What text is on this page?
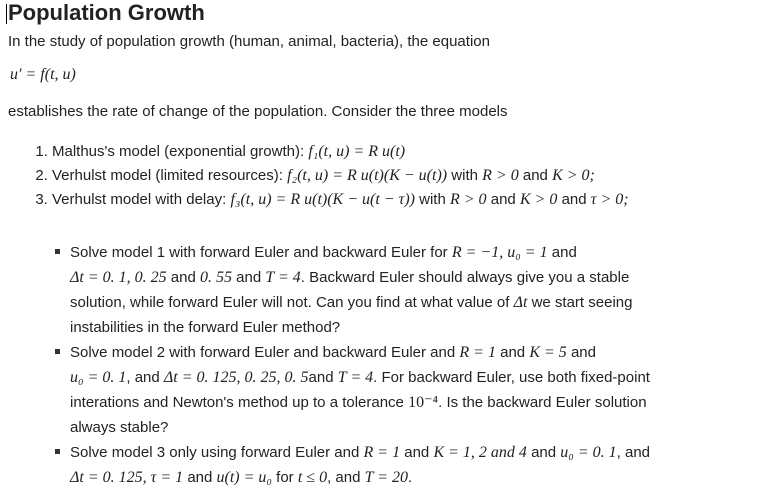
Population Growth

In the study of population growth (human, animal, bacteria), the equation

u′ = f(t, u)

establishes the rate of change of the population. Consider the three models

1. Malthus's model (exponential growth): f₁(t, u) = R u(t)
2. Verhulst model (limited resources): f₂(t, u) = R u(t)(K − u(t)) with R > 0 and K > 0;
3. Verhulst model with delay: f₃(t, u) = R u(t)(K − u(t − τ)) with R > 0 and K > 0 and τ > 0;
Solve model 1 with forward Euler and backward Euler for R = −1, u₀ = 1 and
Δt = 0. 1, 0. 25 and 0. 55 and T = 4. Backward Euler should always give you a stable
solution, while forward Euler will not. Can you find at what value of Δt we start seeing
instabilities in the forward Euler method?
Solve model 2 with forward Euler and backward Euler and R = 1 and K = 5 and
u₀ = 0. 1, and Δt = 0. 125, 0. 25, 0. 5and T = 4. For backward Euler, use both fixed-point
interations and Newton's method up to a tolerance 10⁻⁴. Is the backward Euler solution
always stable?
Solve model 3 only using forward Euler and R = 1 and K = 1, 2 and 4 and u₀ = 0. 1, and
Δt = 0. 125, τ = 1 and u(t) = u₀ for t ≤ 0, and T = 20.
